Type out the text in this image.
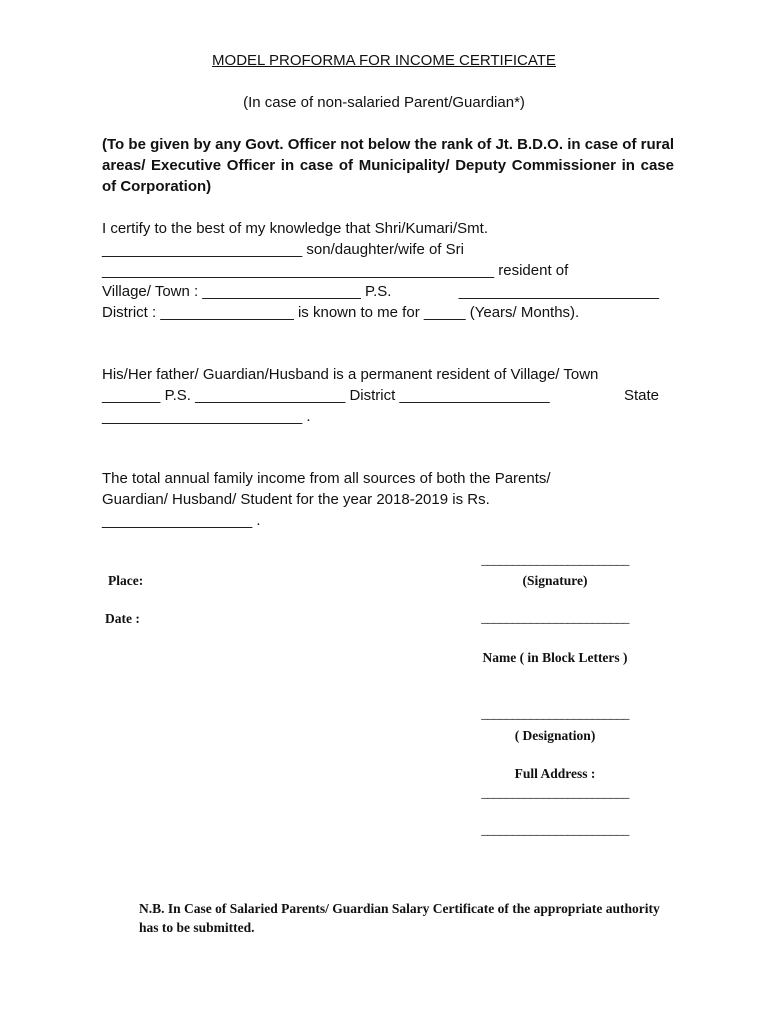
MODEL PROFORMA FOR INCOME CERTIFICATE
(In case of non-salaried Parent/Guardian*)
(To be given by any Govt. Officer not below the rank of Jt. B.D.O. in case of rural areas/ Executive Officer in case of Municipality/ Deputy Commissioner in case of Corporation)
I certify to the best of my knowledge that Shri/Kumari/Smt.
________________________ son/daughter/wife of Sri
_______________________________________________ resident of
Village/ Town : ___________________ P.S.	________________________
District : ________________ is known to me for _____ (Years/ Months).
His/Her father/ Guardian/Husband is a permanent resident of Village/ Town
_______ P.S. __________________ District __________________	State
________________________ .
The total annual family income from all sources of both the Parents/
Guardian/ Husband/ Student for the year 2018-2019 is Rs.
__________________ .
________________________
Place:	(Signature)
Date :	________________________
Name ( in Block Letters )
________________________
( Designation)
Full Address :
________________________
________________________
N.B. In Case of Salaried Parents/ Guardian Salary Certificate of the appropriate authority has to be submitted.
